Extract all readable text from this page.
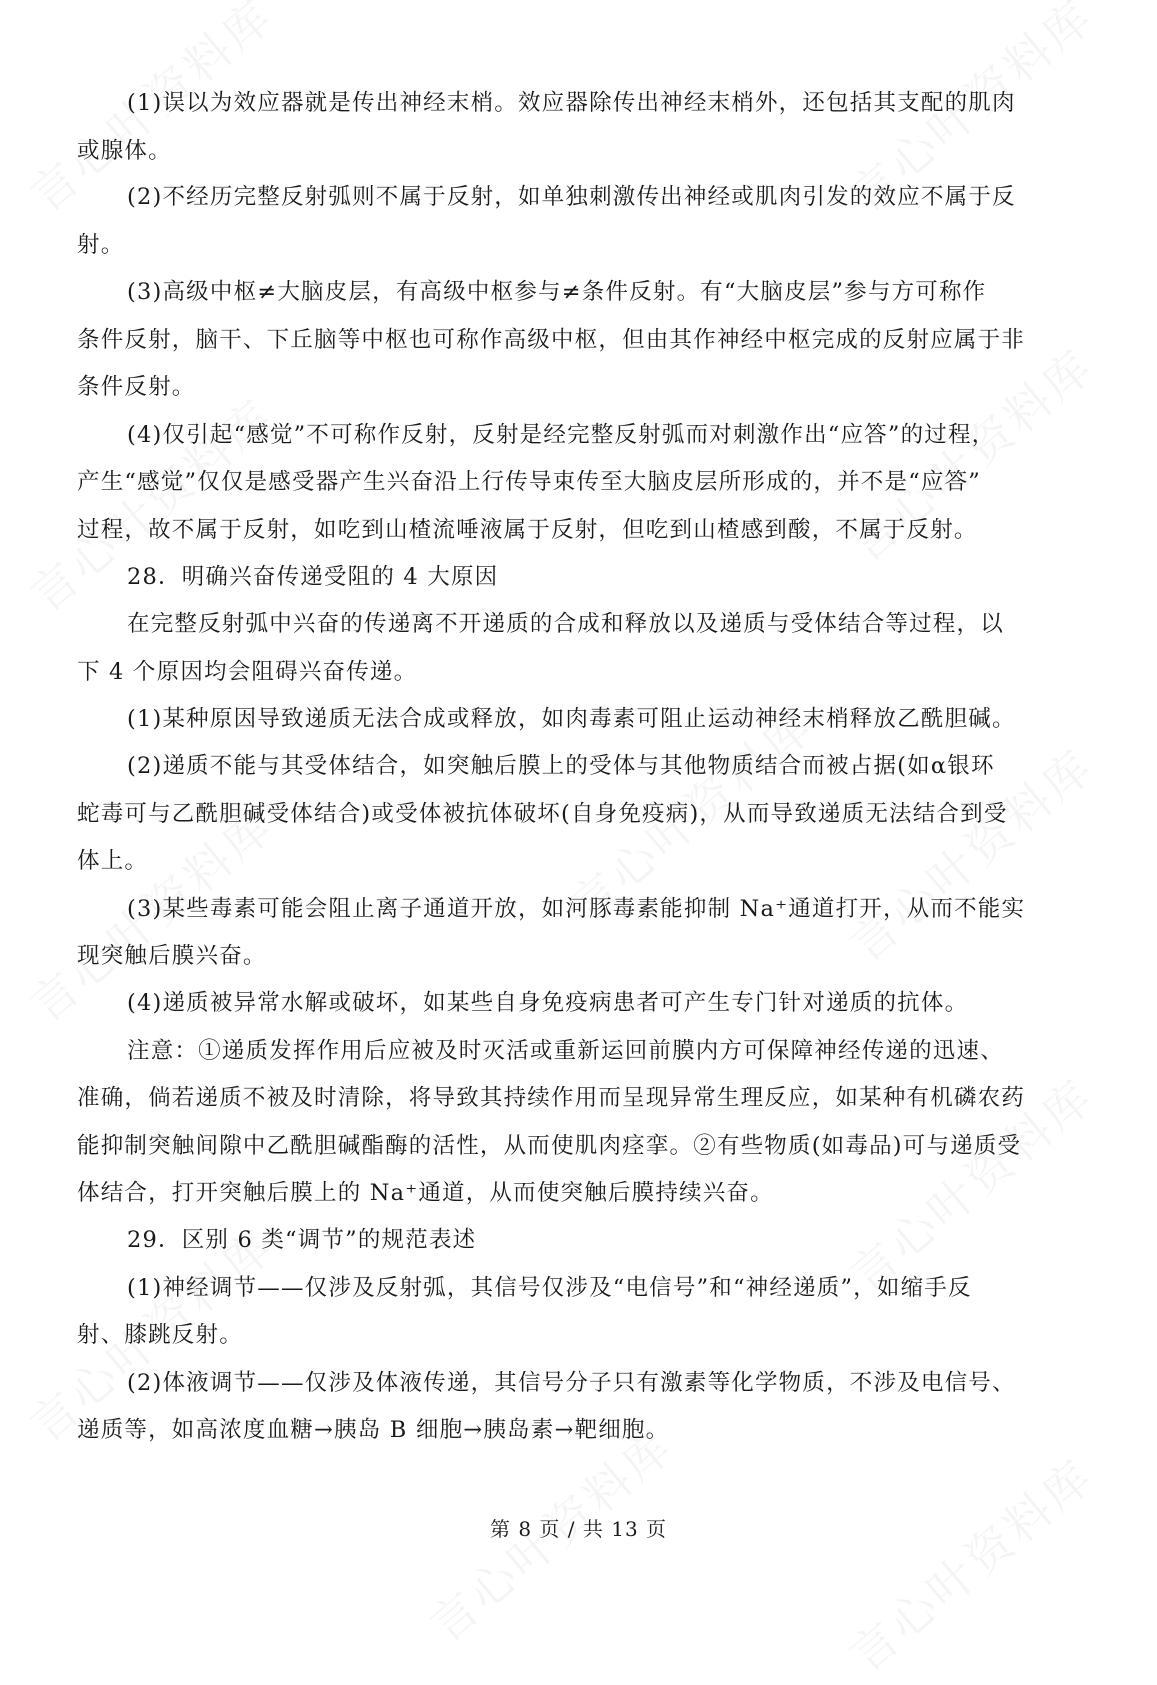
(1)误以为效应器就是传出神经末梢。效应器除传出神经末梢外，还包括其支配的肌肉
或腺体。
(2)不经历完整反射弧则不属于反射，如单独刺激传出神经或肌肉引发的效应不属于反
射。
(3)高级中枢≠大脑皮层，有高级中枢参与≠条件反射。有“大脑皮层”参与方可称作
条件反射，脑干、下丘脑等中枢也可称作高级中枢，但由其作神经中枢完成的反射应属于非
条件反射。
(4)仅引起“感觉”不可称作反射，反射是经完整反射弧而对刺激作出“应答”的过程，
产生“感觉”仅仅是感受器产生兴奋沿上行传导束传至大脑皮层所形成的，并不是“应答”
过程，故不属于反射，如吃到山楂流唾液属于反射，但吃到山楂感到酸，不属于反射。
28．明确兴奋传递受阻的 4 大原因
在完整反射弧中兴奋的传递离不开递质的合成和释放以及递质与受体结合等过程，以
下 4 个原因均会阻碍兴奋传递。
(1)某种原因导致递质无法合成或释放，如肉毒素可阻止运动神经末梢释放乙酰胆碱。
(2)递质不能与其受体结合，如突触后膜上的受体与其他物质结合而被占据(如α银环
蛇毒可与乙酰胆碱受体结合)或受体被抗体破坏(自身免疫病)，从而导致递质无法结合到受
体上。
(3)某些毒素可能会阻止离子通道开放，如河豚毒素能抑制 Na⁺通道打开，从而不能实
现突触后膜兴奋。
(4)递质被异常水解或破坏，如某些自身免疫病患者可产生专门针对递质的抗体。
注意：①递质发挥作用后应被及时灭活或重新运回前膜内方可保障神经传递的迅速、
准确，倘若递质不被及时清除，将导致其持续作用而呈现异常生理反应，如某种有机磷农药
能抑制突触间隙中乙酰胆碱酯酶的活性，从而使肌肉痉挛。②有些物质(如毒品)可与递质受
体结合，打开突触后膜上的 Na⁺通道，从而使突触后膜持续兴奋。
29．区别 6 类“调节”的规范表述
(1)神经调节——仅涉及反射弧，其信号仅涉及“电信号”和“神经递质”，如缩手反
射、膝跳反射。
(2)体液调节——仅涉及体液传递，其信号分子只有激素等化学物质，不涉及电信号、
递质等，如高浓度血糖→胰岛 B 细胞→胰岛素→靶细胞。
第 8 页 / 共 13 页
